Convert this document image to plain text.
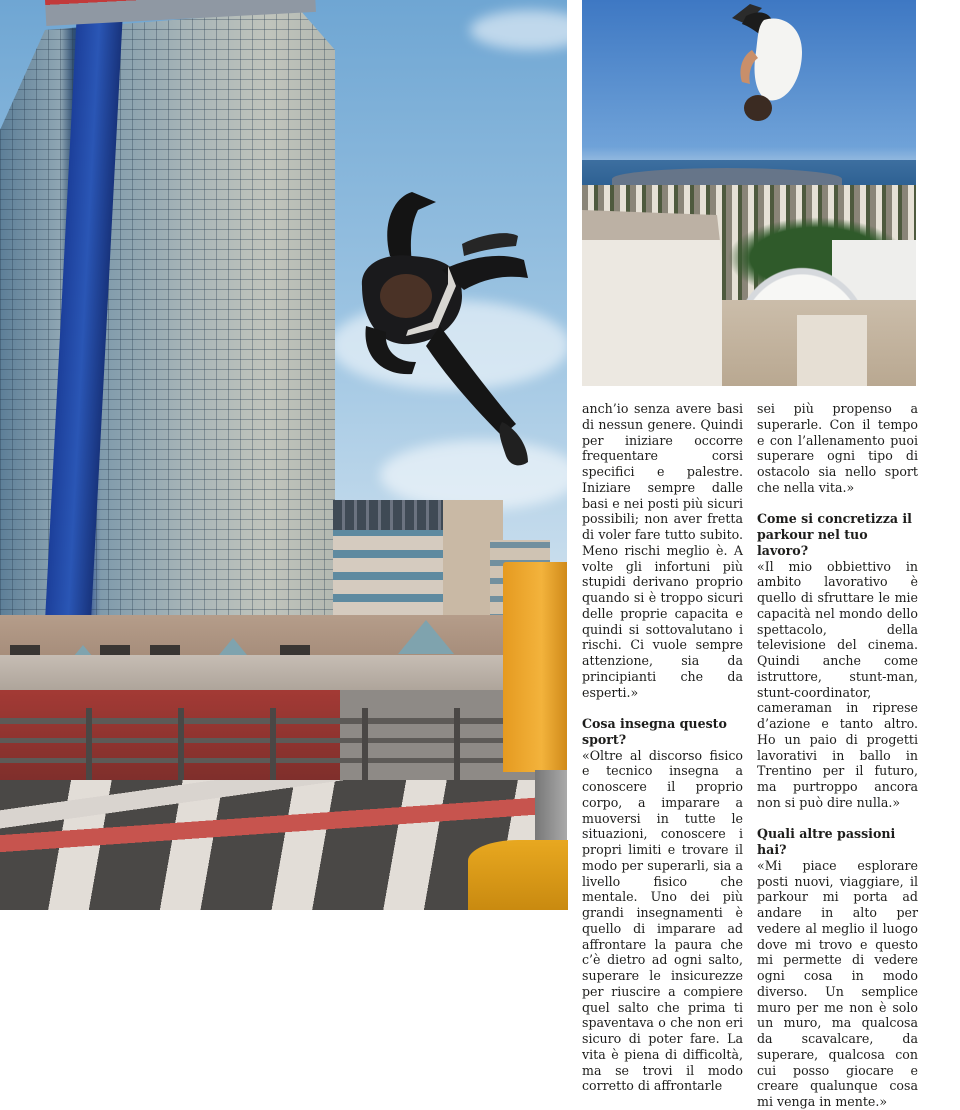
anch’io senza avere basi di nessun genere. Quindi per iniziare occorre frequentare corsi specifici e palestre. Iniziare sempre dalle basi e nei posti più sicuri possibili; non aver fretta di voler fare tutto subito. Meno rischi meglio è. A volte gli infortuni più stupidi derivano proprio quando si è troppo sicuri delle proprie capacita e quindi si sottovalutano i rischi. Ci vuole sempre attenzione, sia da principianti che da esperti.»

Cosa insegna questo sport?

«Oltre al discorso fisico e tecnico insegna a conoscere il proprio corpo, a imparare a muoversi in tutte le situazioni, conoscere i propri limiti e trovare il modo per superarli, sia a livello fisico che mentale. Uno dei più grandi insegnamenti è quello di imparare ad affrontare la paura che c’è dietro ad ogni salto, superare le insicurezze per riuscire a compiere quel salto che prima ti spaventava o che non eri sicuro di poter fare. La vita è piena di difficoltà, ma se trovi il modo corretto di affrontarle

sei più propenso a superarle. Con il tempo e con l’allenamento puoi superare ogni tipo di ostacolo sia nello sport che nella vita.»

Come si concretizza il parkour nel tuo lavoro?

«Il mio obbiettivo in ambito lavorativo è quello di sfruttare le mie capacità nel mondo dello spettacolo, della televisione del cinema. Quindi anche come istruttore, stunt-man, stunt-coordinator, cameraman in riprese d’azione e tanto altro. Ho un paio di progetti lavorativi in ballo in Trentino per il futuro, ma purtroppo ancora non si può dire nulla.»

Quali altre passioni hai?

«Mi piace esplorare posti nuovi, viaggiare, il parkour mi porta ad andare in alto per vedere al meglio il luogo dove mi trovo e questo mi permette di vedere ogni cosa in modo diverso. Un semplice muro per me non è solo un muro, ma qualcosa da scavalcare, da superare, qualcosa con cui posso giocare e creare qualunque cosa mi venga in mente.»
